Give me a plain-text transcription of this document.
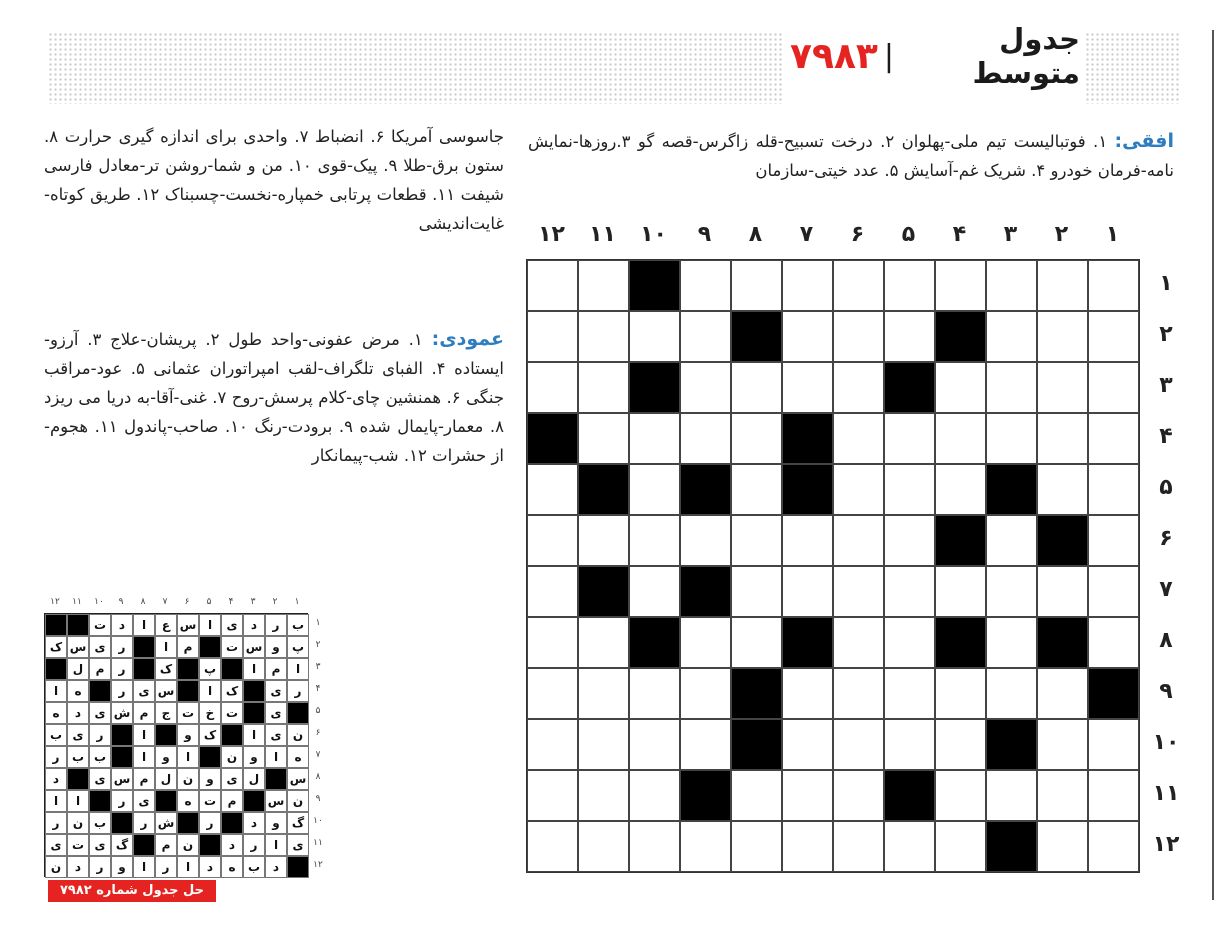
جدول متوسط
|
۷۹۸۳
افقی: ۱. فوتبالیست تیم ملی-پهلوان ۲. درخت تسبیح-قله زاگرس-قصه گو ۳.روزها-نمایش نامه-فرمان خودرو ۴. شریک غم-آسایش ۵. عدد خیتی-سازمان
جاسوسی آمریکا ۶. انضباط ۷. واحدی برای اندازه گیری حرارت ۸. ستون برق-طلا ۹. پیک-قوی ۱۰. من و شما-روشن تر-معادل فارسی شیفت ۱۱. قطعات پرتابی خمپاره-نخست-چسبناک ۱۲. طریق کوتاه-غایت‌اندیشی
عمودی: ۱. مرض عفونی-واحد طول ۲. پریشان-علاج ۳. آرزو-ایستاده ۴. الفبای تلگراف-لقب امپراتوران عثمانی ۵. عود-مراقب جنگی ۶. همنشین چای-کلام پرسش-روح ۷. غنی-آقا-به دریا می ریزد ۸. معمار-پایمال شده ۹. برودت-رنگ ۱۰. صاحب-پاندول ۱۱. هجوم-از حشرات ۱۲. شب-پیمانکار
۱
۲
۳
۴
۵
۶
۷
۸
۹
۱۰
۱۱
۱۲
۱
۲
۳
۴
۵
۶
۷
۸
۹
۱۰
۱۱
۱۲
ب
ر
د
ی
ا
س
ع
ا
د
ت
پ
و
س
ت
م
ا
ر
ی
س
ک
ا
م
ا
پ
ک
ر
م
ل
ر
ی
ک
ا
س
ی
ر
ه
ا
ی
ت
خ
ت
ج
م
ش
ی
د
ه
ن
ی
ا
ک
و
ا
ر
ی
ب
ه
ا
و
ن
ا
و
ا
ب
ب
ر
س
ل
ی
و
ن
ل
م
س
ی
د
ن
س
م
ت
ه
ی
ر
ا
ا
گ
و
د
ر
ش
ر
ب
ن
ر
ی
ا
ر
د
ن
م
گ
ی
ت
ی
د
ب
ه
د
ا
ر
ا
و
ر
د
ن
۱
۲
۳
۴
۵
۶
۷
۸
۹
۱۰
۱۱
۱۲
۱
۲
۳
۴
۵
۶
۷
۸
۹
۱۰
۱۱
۱۲
حل جدول شماره ۷۹۸۲
